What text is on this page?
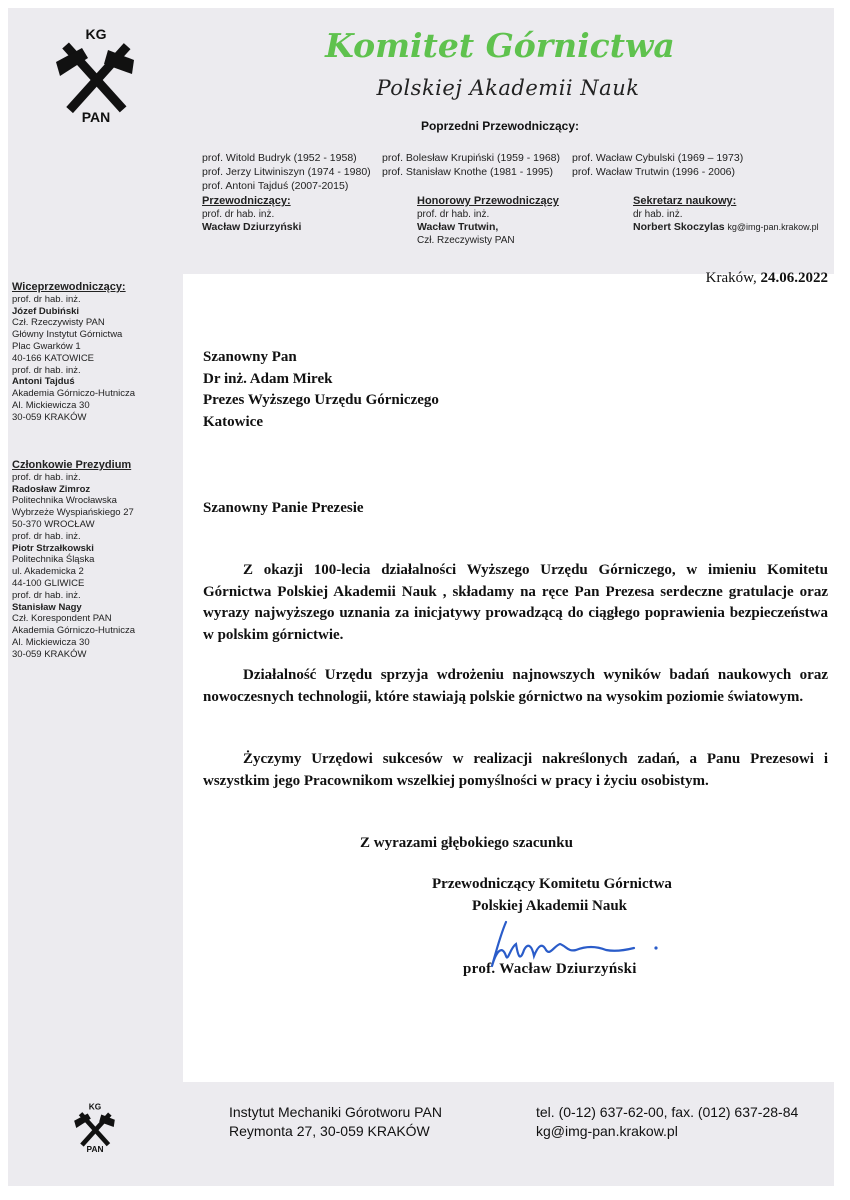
KG
PAN
Komitet Górnictwa
Polskiej Akademii Nauk
Poprzedni Przewodniczący:
prof. Witold Budryk (1952 - 1958)
prof. Jerzy Litwiniszyn (1974 - 1980)
prof. Antoni Tajduś (2007-2015)
prof. Bolesław Krupiński (1959 - 1968)
prof. Stanisław Knothe (1981 - 1995)
prof. Wacław Cybulski (1969 – 1973)
prof. Wacław Trutwin (1996 - 2006)
Przewodniczący:
prof. dr hab. inż.
Wacław Dziurzyński
Honorowy Przewodniczący
prof. dr hab. inż.
Wacław Trutwin,
Czł. Rzeczywisty PAN
Sekretarz naukowy:
dr hab. inż.
Norbert Skoczylas kg@img-pan.krakow.pl
Wiceprzewodniczący:
prof. dr hab. inż.
Józef Dubiński
Czł. Rzeczywisty PAN
Główny Instytut Górnictwa
Plac Gwarków 1
40-166 KATOWICE
prof. dr hab. inż.
Antoni Tajduś
Akademia Górniczo-Hutnicza
Al. Mickiewicza 30
30-059 KRAKÓW
Członkowie Prezydium
prof. dr hab. inż.
Radosław Zimroz
Politechnika Wrocławska
Wybrzeże Wyspiańskiego 27
50-370 WROCŁAW
prof. dr hab. inż.
Piotr Strzałkowski
Politechnika Śląska
ul. Akademicka 2
44-100 GLIWICE
prof. dr hab. inż.
Stanisław Nagy
Czł. Korespondent PAN
Akademia Górniczo-Hutnicza
Al. Mickiewicza 30
30-059 KRAKÓW
Kraków, 24.06.2022
Szanowny Pan
Dr inż. Adam Mirek
Prezes Wyższego Urzędu Górniczego
Katowice
Szanowny Panie Prezesie
Z okazji 100-lecia działalności Wyższego Urzędu Górniczego, w imieniu Komitetu Górnictwa Polskiej Akademii Nauk , składamy na ręce Pan Prezesa serdeczne gratulacje oraz wyrazy najwyższego uznania za inicjatywy prowadzącą do ciągłego poprawienia bezpieczeństwa w polskim górnictwie.
Działalność Urzędu sprzyja wdrożeniu najnowszych wyników badań naukowych oraz nowoczesnych technologii, które stawiają polskie górnictwo na wysokim poziomie światowym.
Życzymy Urzędowi sukcesów w realizacji nakreślonych zadań, a Panu Prezesowi i wszystkim jego Pracownikom wszelkiej pomyślności w pracy i życiu osobistym.
Z wyrazami głębokiego szacunku
Przewodniczący Komitetu Górnictwa
Polskiej Akademii Nauk
prof. Wacław Dziurzyński
KG
PAN
Instytut Mechaniki Górotworu PAN
Reymonta 27, 30-059 KRAKÓW
tel. (0-12) 637-62-00, fax. (012) 637-28-84
kg@img-pan.krakow.pl
